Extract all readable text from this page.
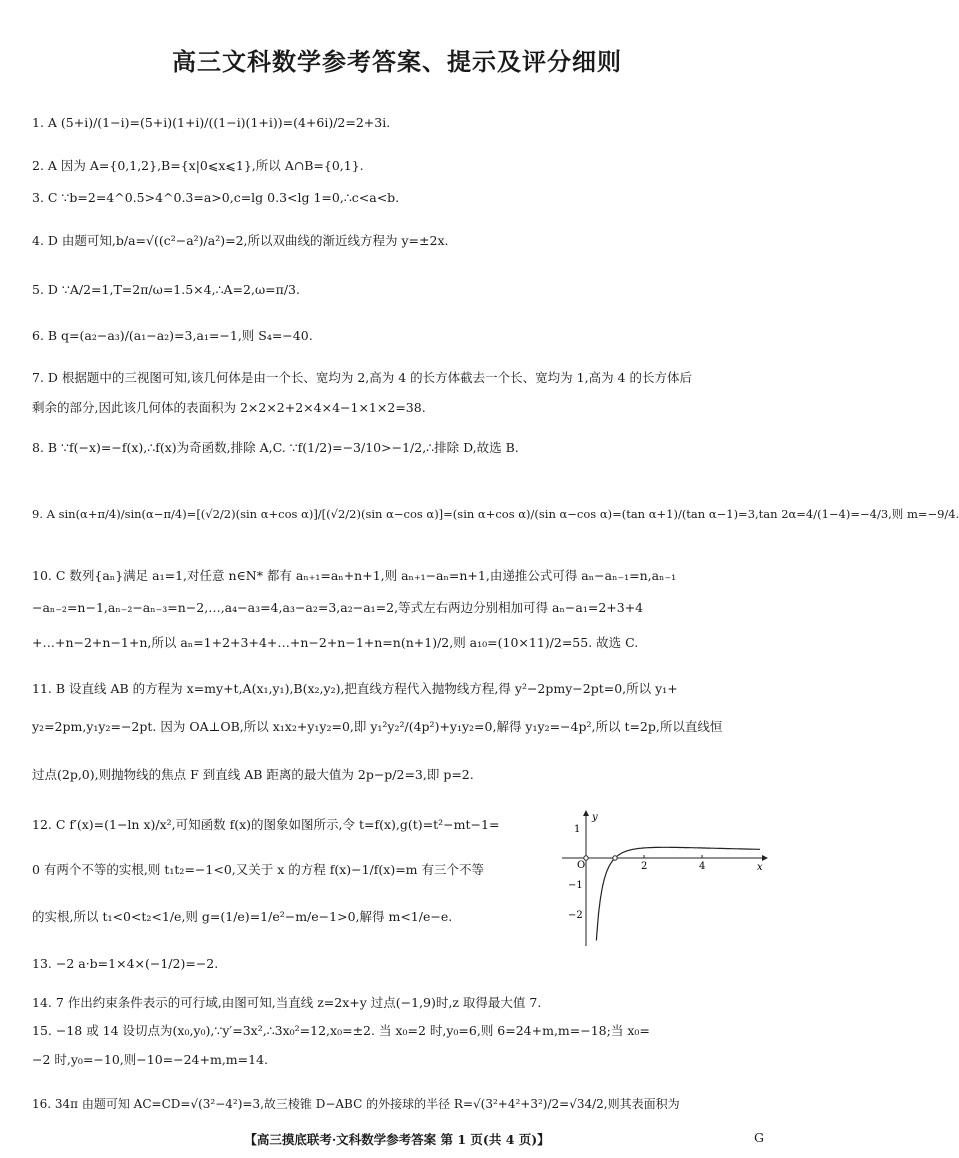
高三文科数学参考答案、提示及评分细则
1. A (5+i)/(1−i)=(5+i)(1+i)/((1−i)(1+i))=(4+6i)/2=2+3i.
2. A 因为 A={0,1,2},B={x|0⩽x⩽1},所以 A∩B={0,1}.
3. C ∵b=2=4^0.5>4^0.3=a>0,c=lg 0.3<lg 1=0,∴c<a<b.
4. D 由题可知,b/a=√((c²−a²)/a²)=2,所以双曲线的渐近线方程为 y=±2x.
5. D ∵A/2=1,T=2π/ω=1.5×4,∴A=2,ω=π/3.
6. B q=(a₂−a₃)/(a₁−a₂)=3,a₁=−1,则 S₄=−40.
7. D 根据题中的三视图可知,该几何体是由一个长、宽均为 2,高为 4 的长方体截去一个长、宽均为 1,高为 4 的长方体后
剩余的部分,因此该几何体的表面积为 2×2×2+2×4×4−1×1×2=38.
8. B ∵f(−x)=−f(x),∴f(x)为奇函数,排除 A,C. ∵f(1/2)=−3/10>−1/2,∴排除 D,故选 B.
9. A sin(α+π/4)/sin(α−π/4)=[(√2/2)(sin α+cos α)]/[(√2/2)(sin α−cos α)]=(sin α+cos α)/(sin α−cos α)=(tan α+1)/(tan α−1)=3,tan 2α=4/(1−4)=−4/3,则 m=−9/4.
10. C 数列{aₙ}满足 a₁=1,对任意 n∈N* 都有 aₙ₊₁=aₙ+n+1,则 aₙ₊₁−aₙ=n+1,由递推公式可得 aₙ−aₙ₋₁=n,aₙ₋₁
−aₙ₋₂=n−1,aₙ₋₂−aₙ₋₃=n−2,…,a₄−a₃=4,a₃−a₂=3,a₂−a₁=2,等式左右两边分别相加可得 aₙ−a₁=2+3+4
+…+n−2+n−1+n,所以 aₙ=1+2+3+4+…+n−2+n−1+n=n(n+1)/2,则 a₁₀=(10×11)/2=55. 故选 C.
11. B 设直线 AB 的方程为 x=my+t,A(x₁,y₁),B(x₂,y₂),把直线方程代入抛物线方程,得 y²−2pmy−2pt=0,所以 y₁+
y₂=2pm,y₁y₂=−2pt. 因为 OA⊥OB,所以 x₁x₂+y₁y₂=0,即 y₁²y₂²/(4p²)+y₁y₂=0,解得 y₁y₂=−4p²,所以 t=2p,所以直线恒
过点(2p,0),则抛物线的焦点 F 到直线 AB 距离的最大值为 2p−p/2=3,即 p=2.
12. C f′(x)=(1−ln x)/x²,可知函数 f(x)的图象如图所示,令 t=f(x),g(t)=t²−mt−1=
0 有两个不等的实根,则 t₁t₂=−1<0,又关于 x 的方程 f(x)−1/f(x)=m 有三个不等
的实根,所以 t₁<0<t₂<1/e,则 g=(1/e)=1/e²−m/e−1>0,解得 m<1/e−e.
13. −2 a·b=1×4×(−1/2)=−2.
14. 7 作出约束条件表示的可行域,由图可知,当直线 z=2x+y 过点(−1,9)时,z 取得最大值 7.
15. −18 或 14 设切点为(x₀,y₀),∵y′=3x²,∴3x₀²=12,x₀=±2. 当 x₀=2 时,y₀=6,则 6=24+m,m=−18;当 x₀=
−2 时,y₀=−10,则−10=−24+m,m=14.
16. 34π 由题可知 AC=CD=√(3²−4²)=3,故三棱锥 D−ABC 的外接球的半径 R=√(3²+4²+3²)/2=√34/2,则其表面积为
y
x
O	2	4
1
−1
−2
【高三摸底联考·文科数学参考答案 第 1 页(共 4 页)】	G
